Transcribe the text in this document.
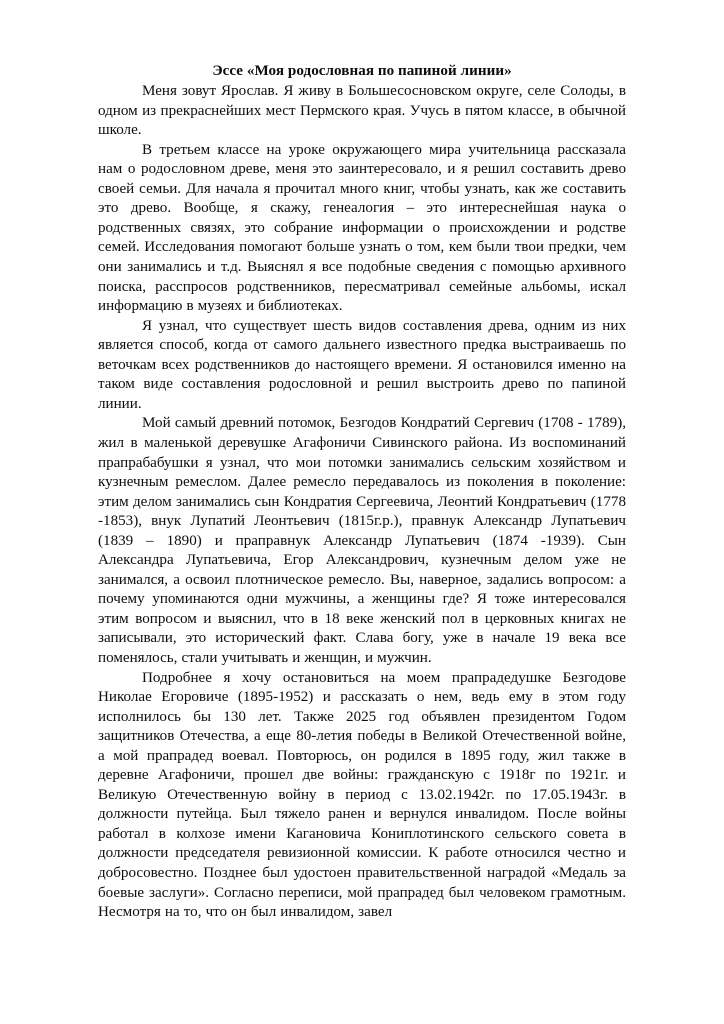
Эссе «Моя родословная по папиной линии»

Меня зовут Ярослав. Я живу в Большесосновском округе, селе Солоды, в одном из прекраснейших мест Пермского края. Учусь в пятом классе, в обычной школе.

В третьем классе на уроке окружающего мира учительница рассказала нам о родословном древе, меня это заинтересовало, и я решил составить древо своей семьи. Для начала я прочитал много книг, чтобы узнать, как же составить это древо. Вообще, я скажу, генеалогия – это интереснейшая наука о родственных связях, это собрание информации о происхождении и родстве семей. Исследования помогают больше узнать о том, кем были твои предки, чем они занимались и т.д. Выяснял я все подобные сведения с помощью архивного поиска, расспросов родственников, пересматривал семейные альбомы, искал информацию в музеях и библиотеках.

Я узнал, что существует шесть видов составления древа, одним из них является способ, когда от самого дальнего известного предка выстраиваешь по веточкам всех родственников до настоящего времени. Я остановился именно на таком виде составления родословной и решил выстроить древо по папиной линии.

Мой самый древний потомок, Безгодов Кондратий Сергевич (1708 - 1789), жил в маленькой деревушке Агафоничи Сивинского района. Из воспоминаний прапрабабушки я узнал, что мои потомки занимались сельским хозяйством и кузнечным ремеслом. Далее ремесло передавалось из поколения в поколение: этим делом занимались сын Кондратия Сергеевича, Леонтий Кондратьевич (1778 -1853), внук Лупатий Леонтьевич (1815г.р.), правнук Александр Лупатьевич (1839 – 1890) и праправнук Александр Лупатьевич (1874 -1939). Сын Александра Лупатьевича, Егор Александрович, кузнечным делом уже не занимался, а освоил плотническое ремесло. Вы, наверное, задались вопросом: а почему упоминаются одни мужчины, а женщины где? Я тоже интересовался этим вопросом и выяснил, что в 18 веке женский пол в церковных книгах не записывали, это исторический факт. Слава богу, уже в начале 19 века все поменялось, стали учитывать и женщин, и мужчин.

Подробнее я хочу остановиться на моем прапрадедушке Безгодове Николае Егоровиче (1895-1952) и рассказать о нем, ведь ему в этом году исполнилось бы 130 лет. Также 2025 год объявлен президентом Годом защитников Отечества, а еще 80-летия победы в Великой Отечественной войне, а мой прапрадед воевал. Повторюсь, он родился в 1895 году, жил также в деревне Агафоничи, прошел две войны: гражданскую с 1918г по 1921г. и Великую Отечественную войну в период с 13.02.1942г. по 17.05.1943г. в должности путейца. Был тяжело ранен и вернулся инвалидом. После войны работал в колхозе имени Кагановича Кониплотинского сельского совета в должности председателя ревизионной комиссии. К работе относился честно и добросовестно. Позднее был удостоен правительственной наградой «Медаль за боевые заслуги». Согласно переписи, мой прапрадед был человеком грамотным. Несмотря на то, что он был инвалидом, завел
